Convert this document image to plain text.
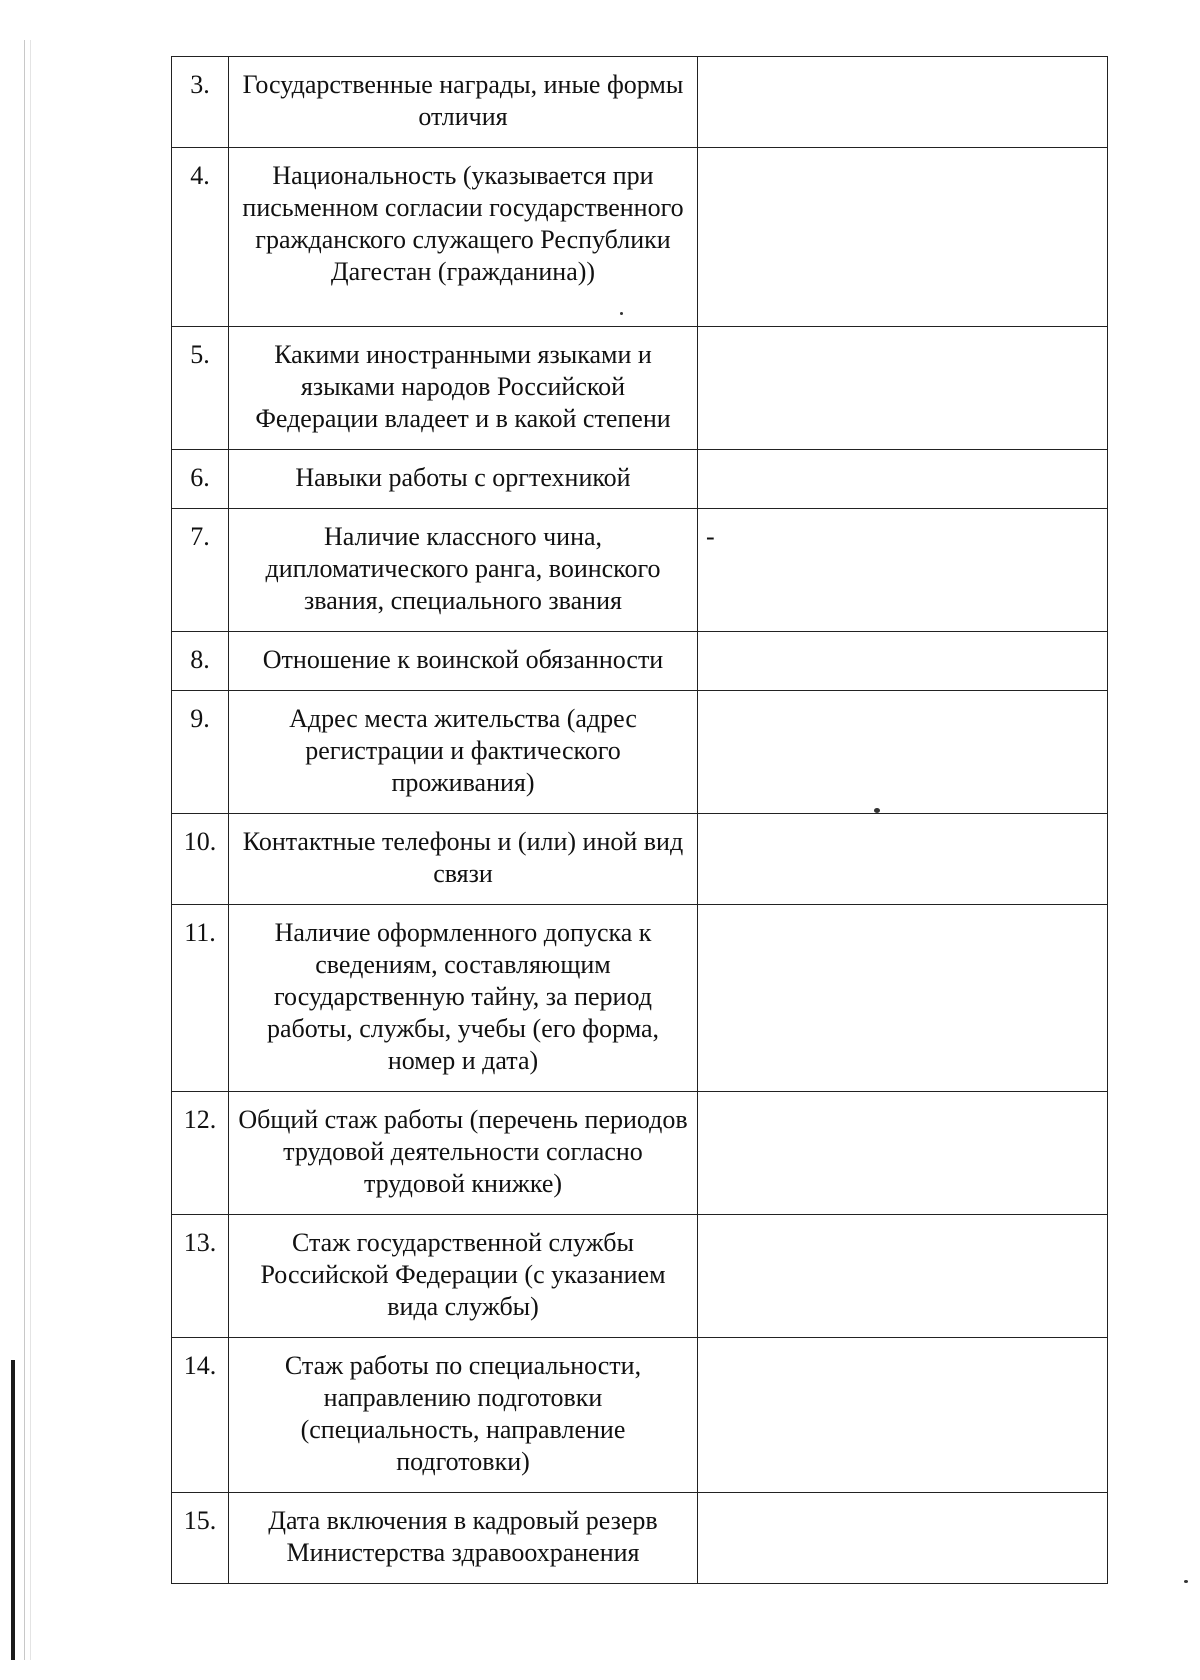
3.	Государственные награды, иные формы отличия	
4.	Национальность (указывается при письменном согласии государственного гражданского служащего Республики Дагестан (гражданина))	
5.	Какими иностранными языками и языками народов Российской Федерации владеет и в какой степени	
6.	Навыки работы с оргтехникой	
7.	Наличие классного чина, дипломатического ранга, воинского звания, специального звания	-
8.	Отношение к воинской обязанности	
9.	Адрес места жительства (адрес регистрации и фактического проживания)	
10.	Контактные телефоны и (или) иной вид связи	
11.	Наличие оформленного допуска к сведениям, составляющим государственную тайну, за период работы, службы, учебы (его форма, номер и дата)	
12.	Общий стаж работы (перечень периодов трудовой деятельности согласно трудовой книжке)	
13.	Стаж государственной службы Российской Федерации (с указанием вида службы)	
14.	Стаж работы по специальности, направлению подготовки (специальность, направление подготовки)	
15.	Дата включения в кадровый резерв Министерства здравоохранения	
